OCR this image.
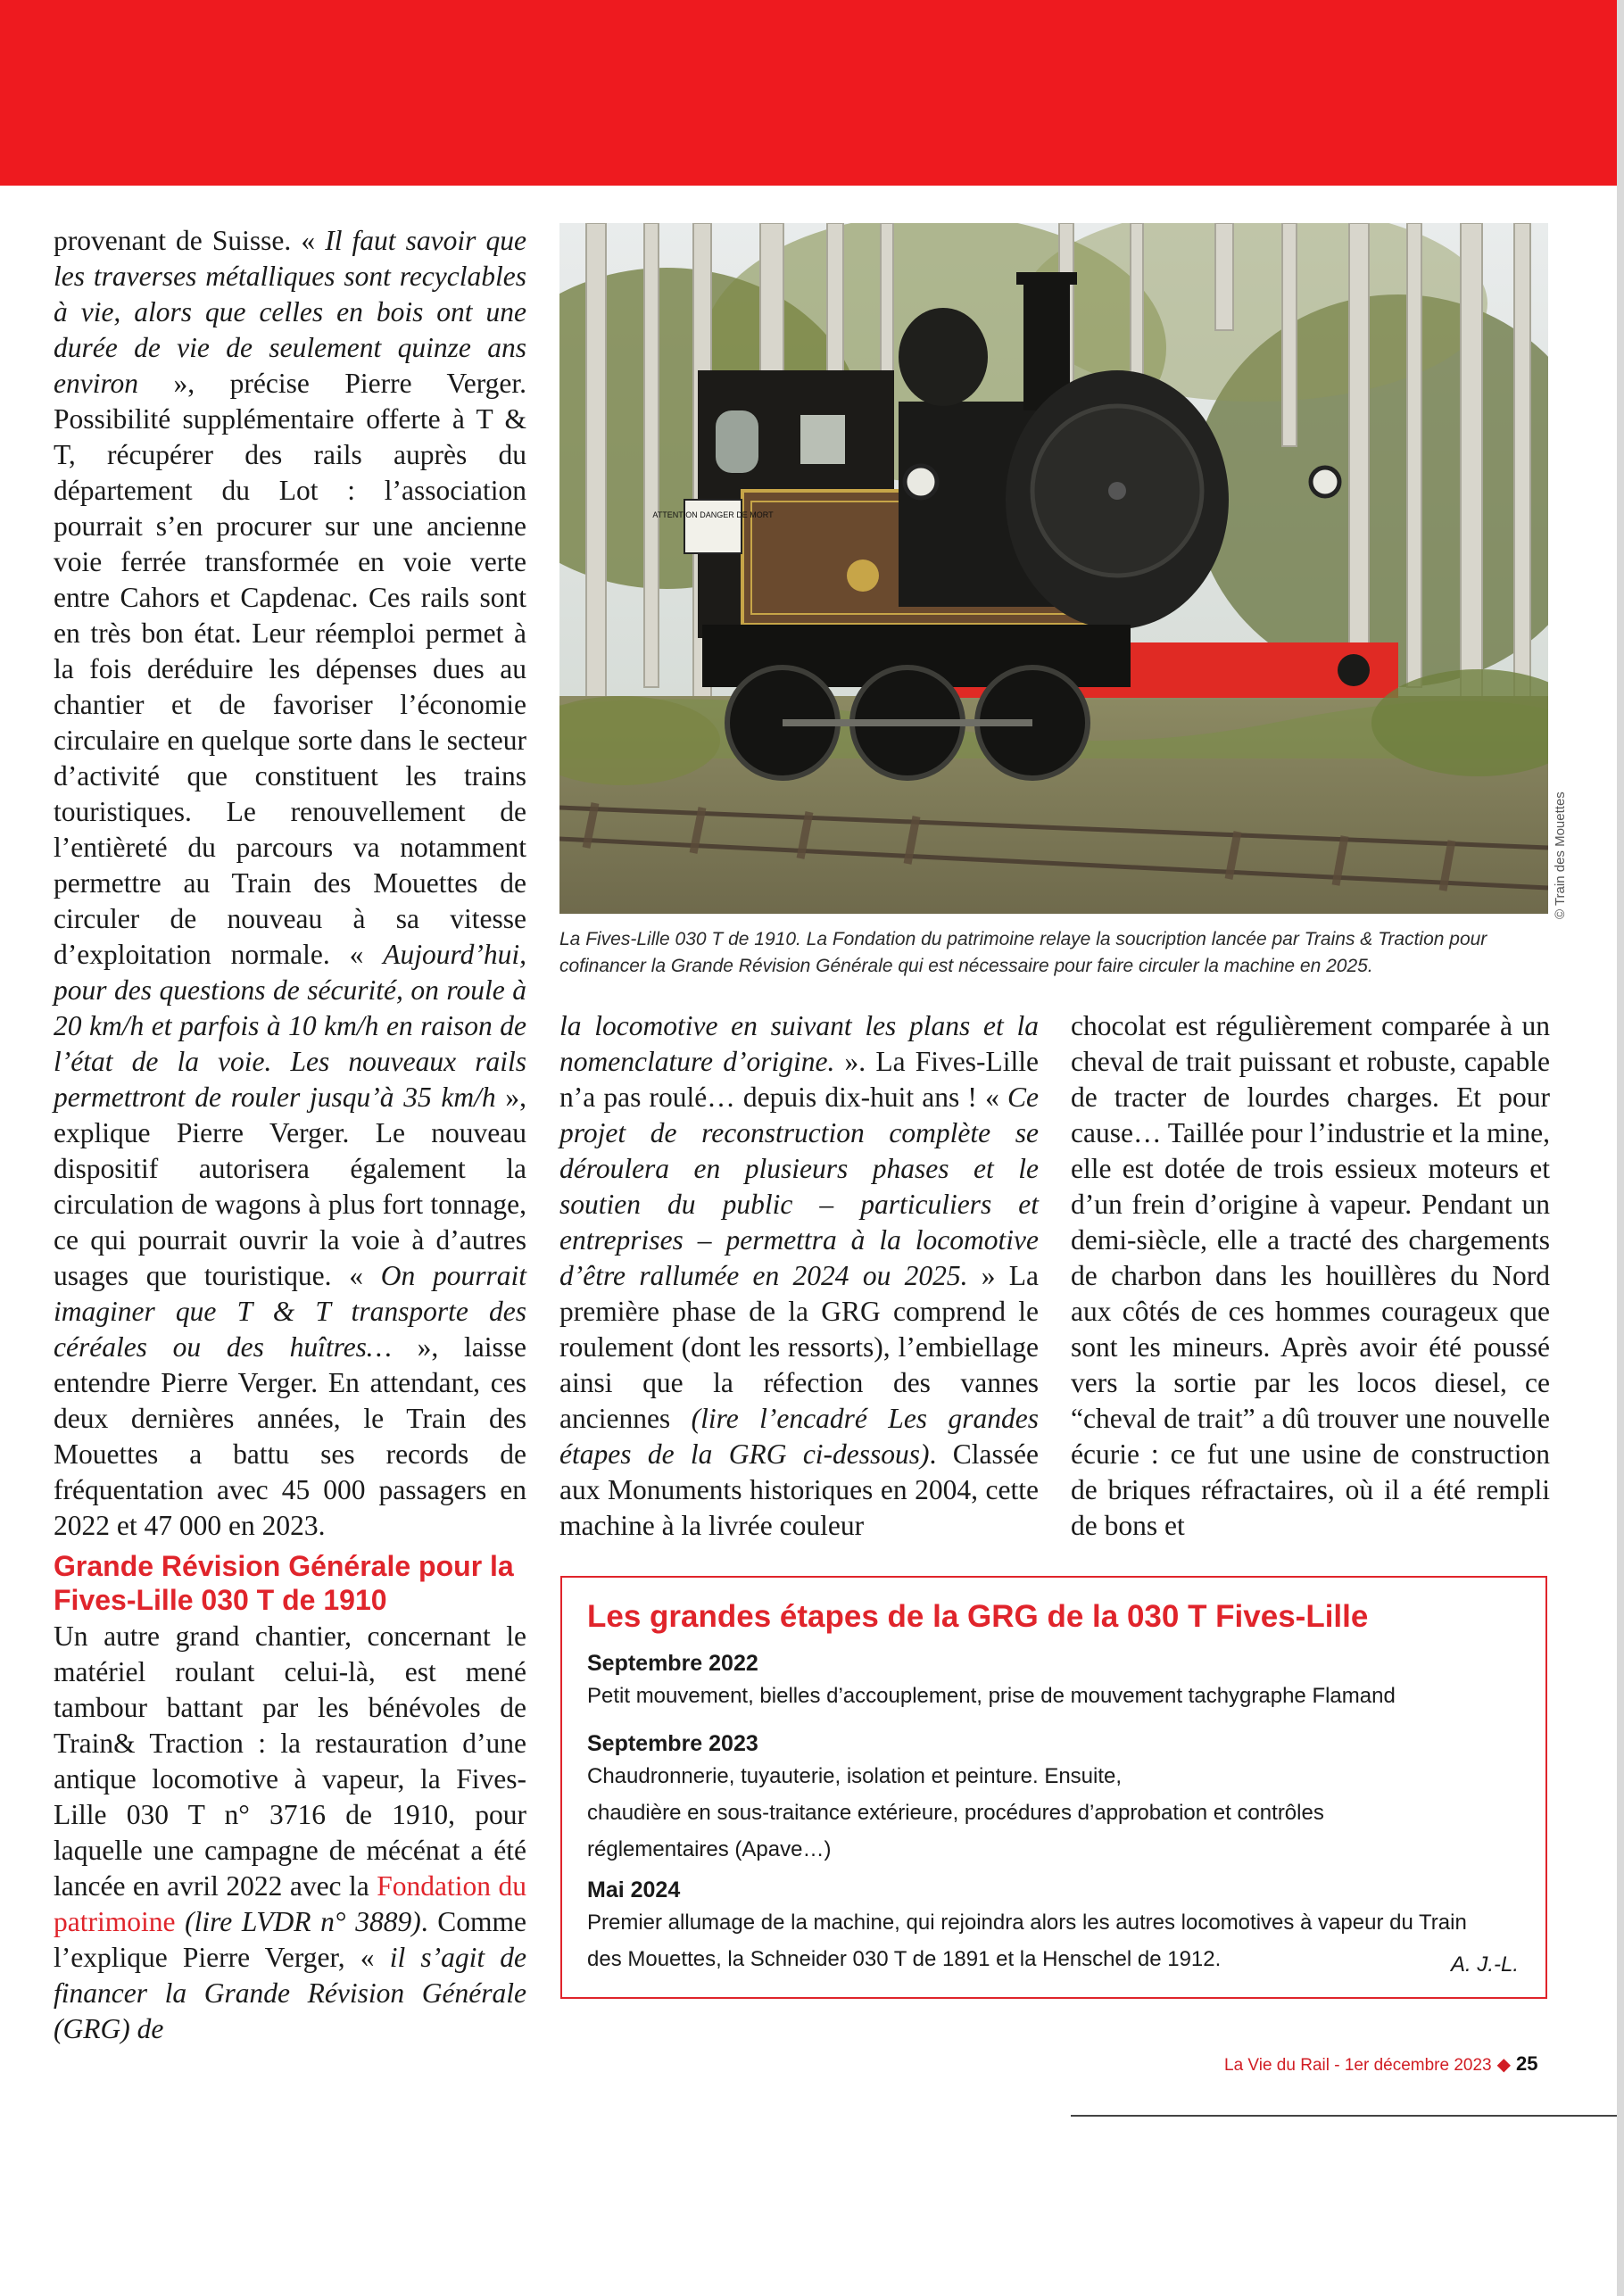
provenant de Suisse. « Il faut savoir que les traverses métalliques sont recyclables à vie, alors que celles en bois ont une durée de vie de seulement quinze ans environ », précise Pierre Verger. Possibilité supplémentaire offerte à T & T, récupérer des rails auprès du département du Lot : l’association pourrait s’en procurer sur une ancienne voie ferrée transformée en voie verte entre Cahors et Capdenac. Ces rails sont en très bon état. Leur réemploi permet à la fois deréduire les dépenses dues au chantier et de favoriser l’économie circulaire en quelque sorte dans le secteur d’activité que constituent les trains touristiques. Le renouvellement de l’entièreté du parcours va notamment permettre au Train des Mouettes de circuler de nouveau à sa vitesse d’exploitation normale. « Aujourd’hui, pour des questions de sécurité, on roule à 20 km/h et parfois à 10 km/h en raison de l’état de la voie. Les nouveaux rails permettront de rouler jusqu’à 35 km/h », explique Pierre Verger. Le nouveau dispositif autorisera également la circulation de wagons à plus fort tonnage, ce qui pourrait ouvrir la voie à d’autres usages que touristique. « On pourrait imaginer que T & T transporte des céréales ou des huîtres… », laisse entendre Pierre Verger. En attendant, ces deux dernières années, le Train des Mouettes a battu ses records de fréquentation avec 45 000 passagers en 2022 et 47 000 en 2023.

Grande Révision Générale pour la Fives-Lille 030 T de 1910

Un autre grand chantier, concernant le matériel roulant celui-là, est mené tambour battant par les bénévoles de Train& Traction : la restauration d’une antique locomotive à vapeur, la Fives-Lille 030 T n° 3716 de 1910, pour laquelle une campagne de mécénat a été lancée en avril 2022 avec la Fondation du patrimoine (lire LVDR n° 3889). Comme l’explique Pierre Verger, « il s’agit de financer la Grande Révision Générale (GRG) de

ATTENTION DANGER DE MORT
© Train des Mouettes

La Fives-Lille 030 T de 1910. La Fondation du patrimoine relaye la soucription lancée par Trains & Traction pour cofinancer la Grande Révision Générale qui est nécessaire pour faire circuler la machine en 2025.

la locomotive en suivant les plans et la nomenclature d’origine. ». La Fives-Lille n’a pas roulé… depuis dix-huit ans ! « Ce projet de reconstruction complète se déroulera en plusieurs phases et le soutien du public – particuliers et entreprises – permettra à la locomotive d’être rallumée en 2024 ou 2025. » La première phase de la GRG comprend le roulement (dont les ressorts), l’embiellage ainsi que la réfection des vannes anciennes (lire l’encadré Les grandes étapes de la GRG ci-dessous). Classée aux Monuments historiques en 2004, cette machine à la livrée couleur

chocolat est régulièrement comparée à un cheval de trait puissant et robuste, capable de tracter de lourdes charges. Et pour cause… Taillée pour l’industrie et la mine, elle est dotée de trois essieux moteurs et d’un frein d’origine à vapeur. Pendant un demi-siècle, elle a tracté des chargements de charbon dans les houillères du Nord aux côtés de ces hommes courageux que sont les mineurs. Après avoir été poussé vers la sortie par les locos diesel, ce “cheval de trait” a dû trouver une nouvelle écurie : ce fut une usine de construction de briques réfractaires, où il a été rempli de bons et

Les grandes étapes de la GRG de la 030 T Fives-Lille

Septembre 2022

Petit mouvement, bielles d’accouplement, prise de mouvement tachygraphe Flamand

Septembre 2023

Chaudronnerie, tuyauterie, isolation et peinture. Ensuite,

chaudière en sous-traitance extérieure, procédures d’approbation et contrôles

réglementaires (Apave…)

Mai 2024

Premier allumage de la machine, qui rejoindra alors les autres locomotives à vapeur du Train

des Mouettes, la Schneider 030 T de 1891 et la Henschel de 1912.	A. J.-L.
La Vie du Rail - 1er décembre 2023 ◆ 25
